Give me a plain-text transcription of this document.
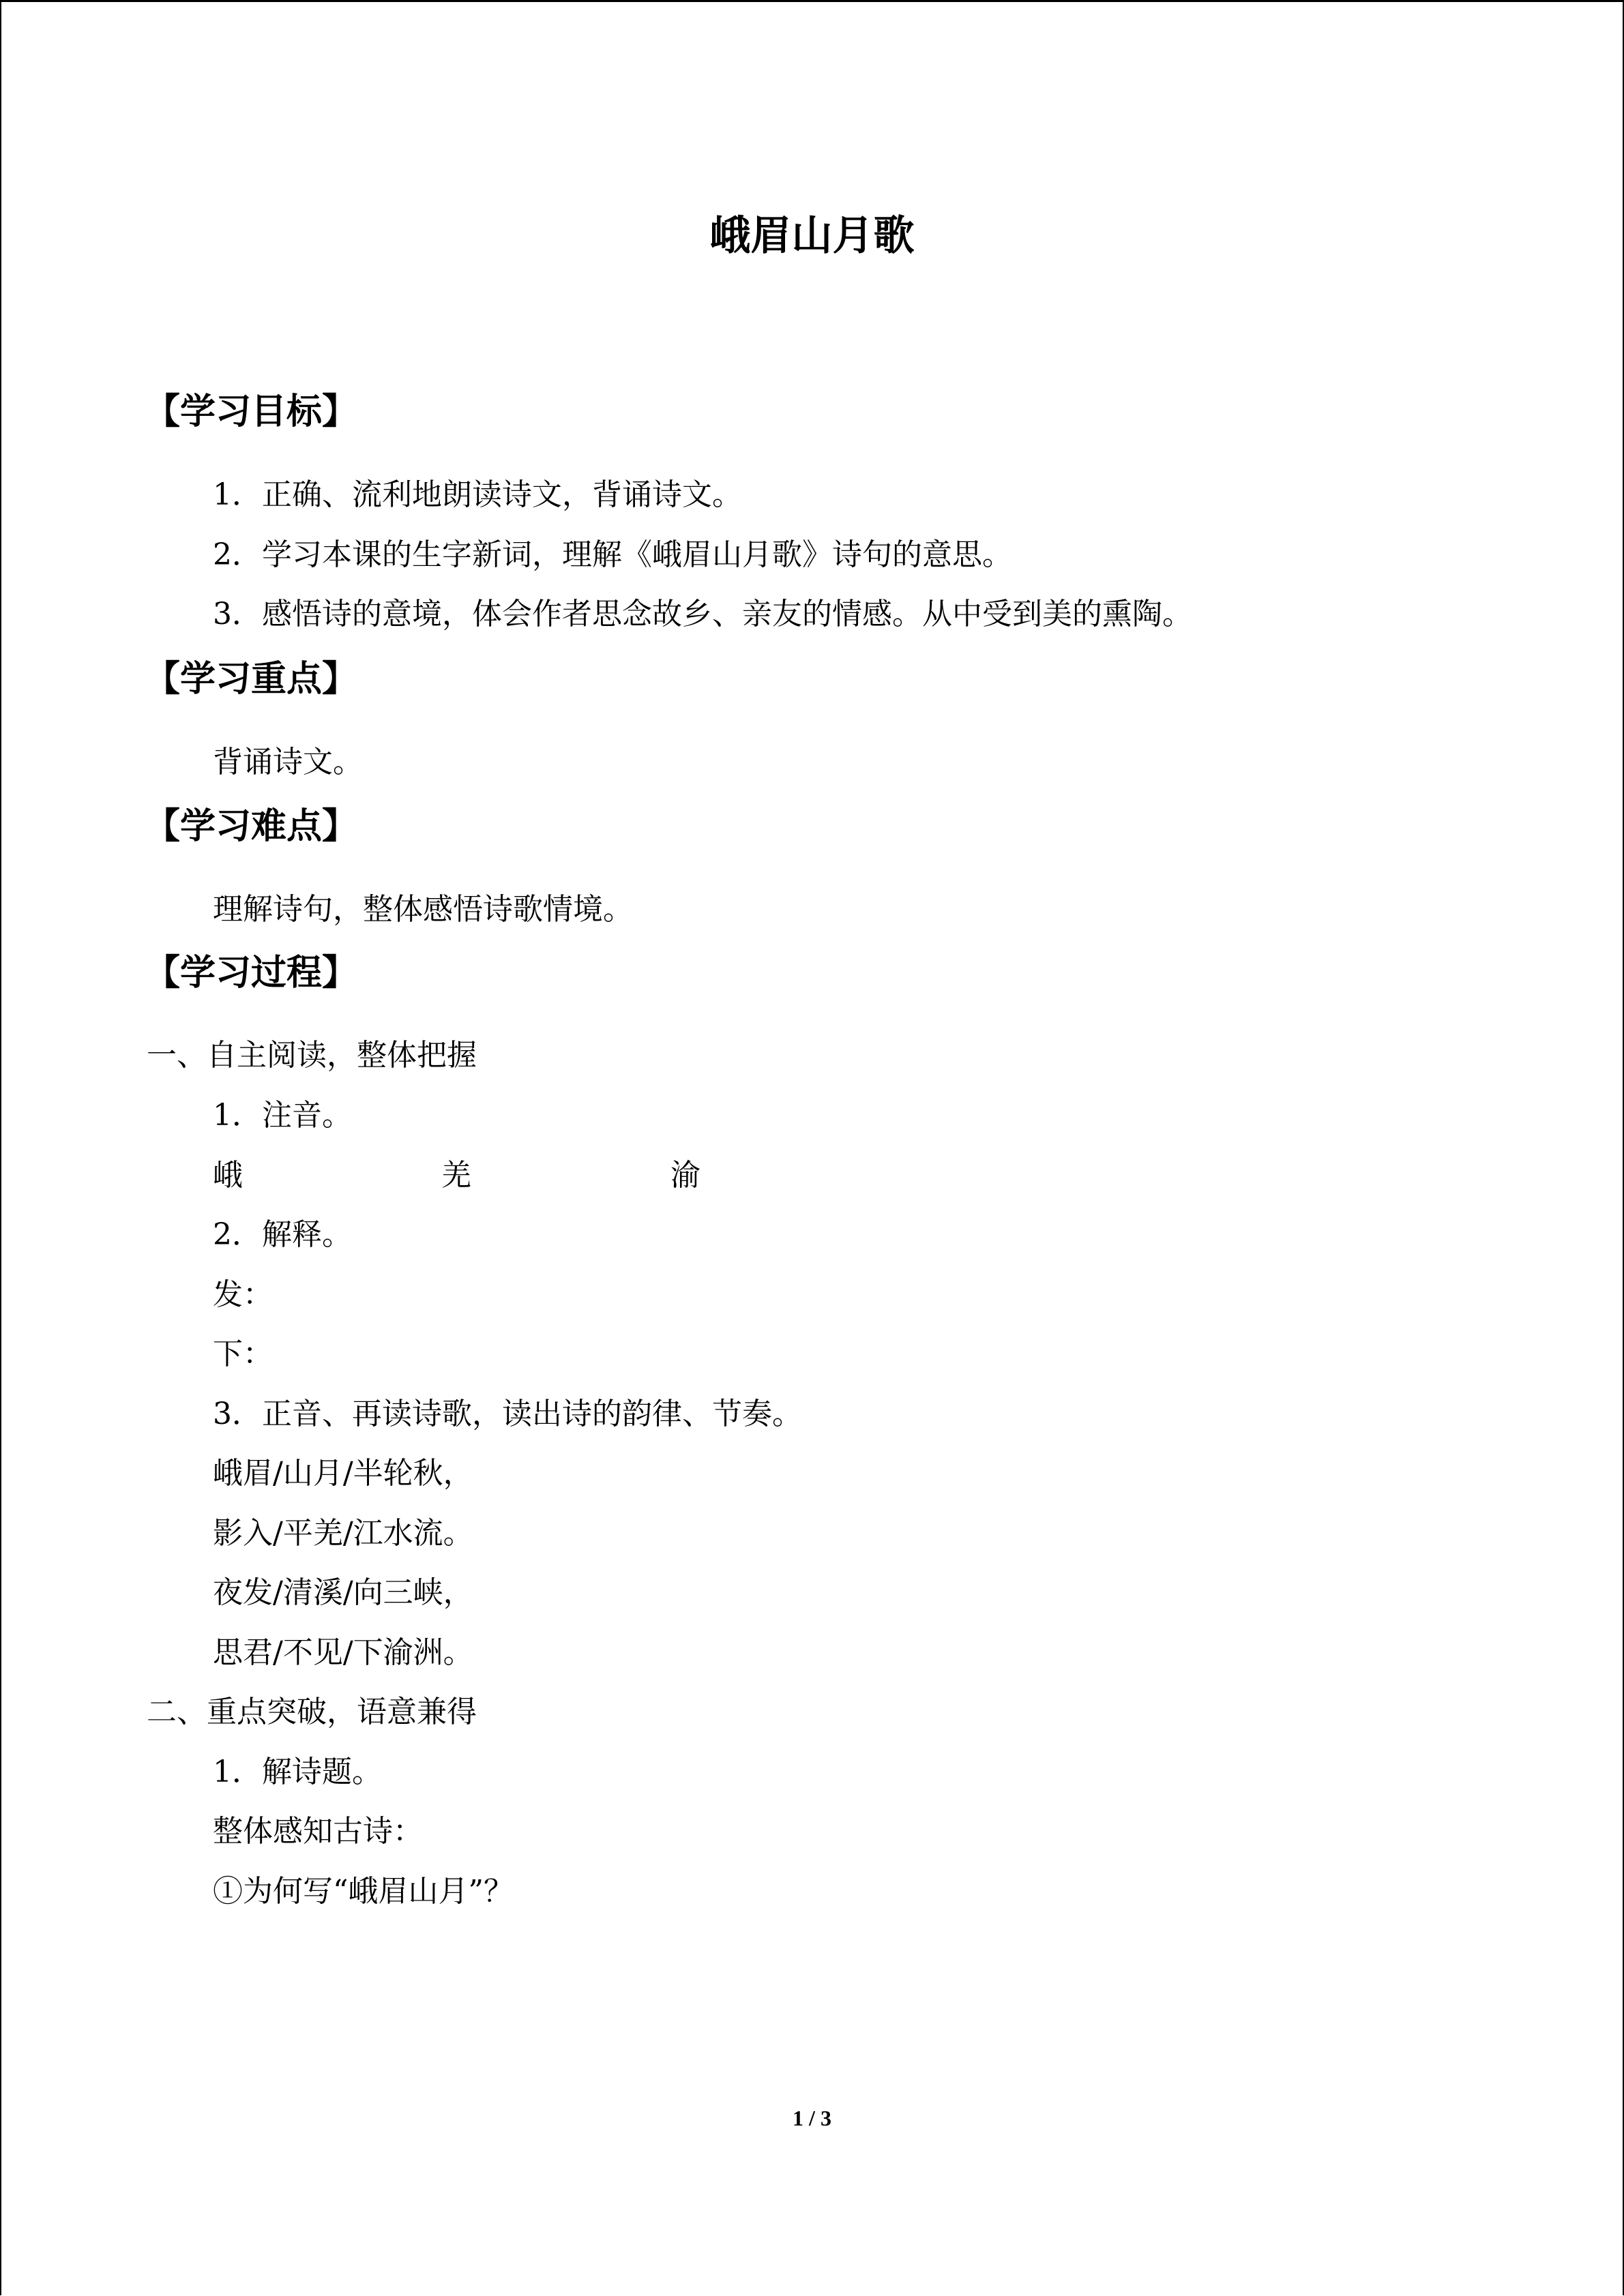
峨眉山月歌
【学习目标】
1．正确、流利地朗读诗文，背诵诗文。
2．学习本课的生字新词，理解《峨眉山月歌》诗句的意思。
3．感悟诗的意境，体会作者思念故乡、亲友的情感。从中受到美的熏陶。
【学习重点】
背诵诗文。
【学习难点】
理解诗句，整体感悟诗歌情境。
【学习过程】
一、自主阅读，整体把握
1．注音。
峨	羌	渝
2．解释。
发：
下：
3．正音、再读诗歌，读出诗的韵律、节奏。
峨眉/山月/半轮秋，
影入/平羌/江水流。
夜发/清溪/向三峡，
思君/不见/下渝洲。
二、重点突破，语意兼得
1．解诗题。
整体感知古诗：
①为何写“峨眉山月”？
1 / 3
